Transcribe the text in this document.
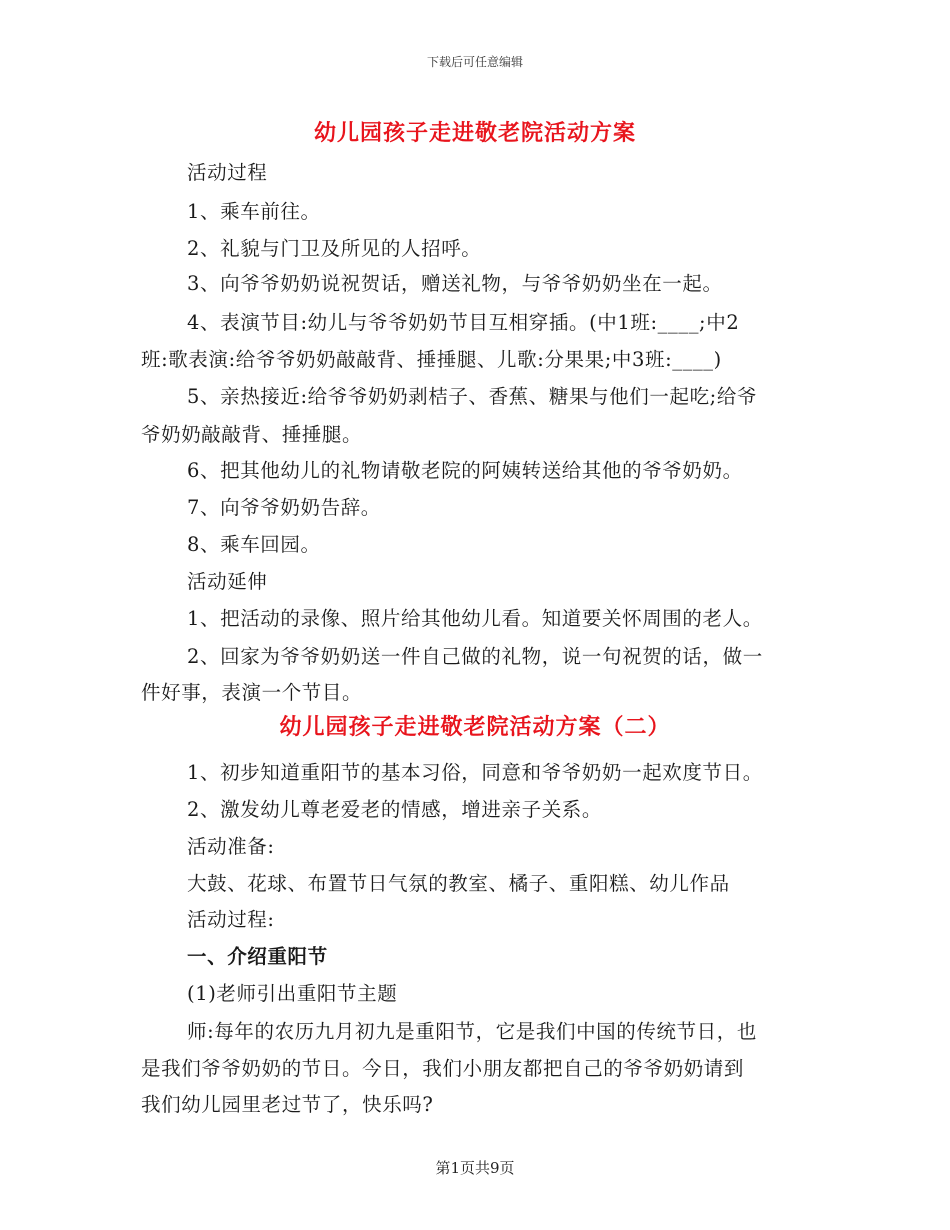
下载后可任意编辑
幼儿园孩子走进敬老院活动方案
活动过程
1、乘车前往。
2、礼貌与门卫及所见的人招呼。
3、向爷爷奶奶说祝贺话，赠送礼物，与爷爷奶奶坐在一起。
4、表演节目:幼儿与爷爷奶奶节目互相穿插。(中1班:____;中2
班:歌表演:给爷爷奶奶敲敲背、捶捶腿、儿歌:分果果;中3班:____)
5、亲热接近:给爷爷奶奶剥桔子、香蕉、糖果与他们一起吃;给爷
爷奶奶敲敲背、捶捶腿。
6、把其他幼儿的礼物请敬老院的阿姨转送给其他的爷爷奶奶。
7、向爷爷奶奶告辞。
8、乘车回园。
活动延伸
1、把活动的录像、照片给其他幼儿看。知道要关怀周围的老人。
2、回家为爷爷奶奶送一件自己做的礼物，说一句祝贺的话，做一
件好事，表演一个节目。
幼儿园孩子走进敬老院活动方案（二）
1、初步知道重阳节的基本习俗，同意和爷爷奶奶一起欢度节日。
2、激发幼儿尊老爱老的情感，增进亲子关系。
活动准备:
大鼓、花球、布置节日气氛的教室、橘子、重阳糕、幼儿作品
活动过程:
一、介绍重阳节
(1)老师引出重阳节主题
师:每年的农历九月初九是重阳节，它是我们中国的传统节日，也
是我们爷爷奶奶的节日。今日，我们小朋友都把自己的爷爷奶奶请到
我们幼儿园里老过节了，快乐吗?
第1页共9页
